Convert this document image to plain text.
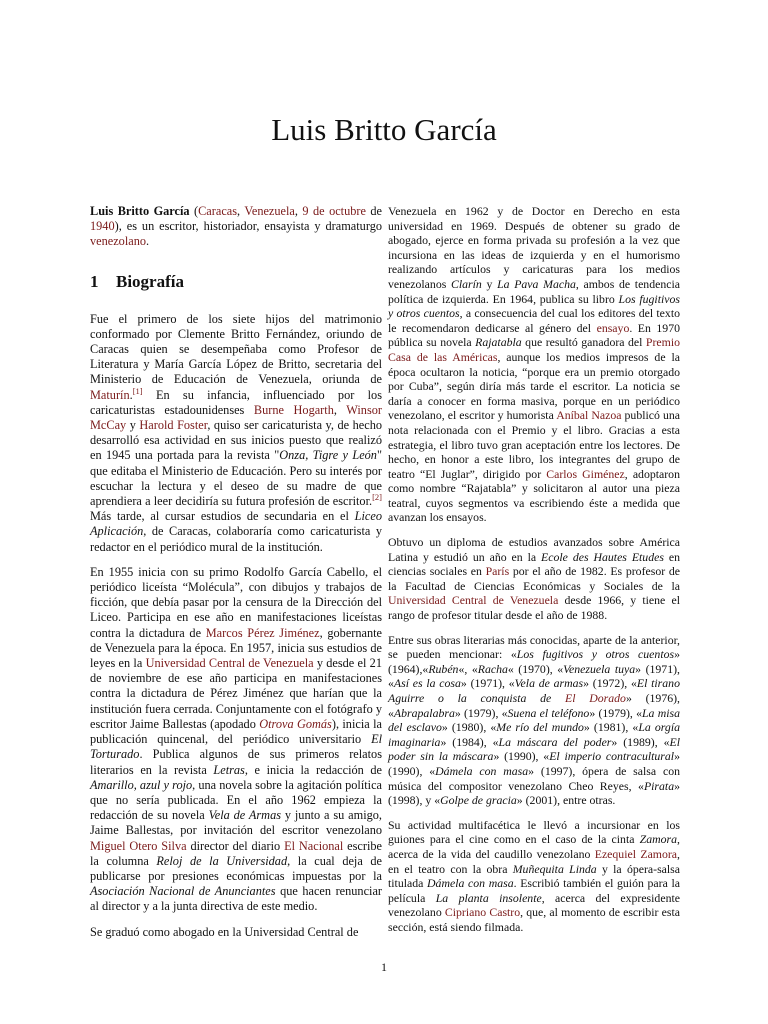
Luis Britto García

Luis Britto García (Caracas, Venezuela, 9 de octubre de 1940), es un escritor, historiador, ensayista y dramaturgo venezolano.

1 Biografía

Fue el primero de los siete hijos del matrimonio conformado por Clemente Britto Fernández, oriundo de Caracas quien se desempeñaba como Profesor de Literatura y María García López de Britto, secretaria del Ministerio de Educación de Venezuela, oriunda de Maturín.[1] En su infancia, influenciado por los caricaturistas estadounidenses Burne Hogarth, Winsor McCay y Harold Foster, quiso ser caricaturista y, de hecho desarrolló esa actividad en sus inicios puesto que realizó en 1945 una portada para la revista "Onza, Tigre y León" que editaba el Ministerio de Educación. Pero su interés por escuchar la lectura y el deseo de su madre de que aprendiera a leer decidiría su futura profesión de escritor.[2] Más tarde, al cursar estudios de secundaria en el Liceo Aplicación, de Caracas, colaboraría como caricaturista y redactor en el periódico mural de la institución.

En 1955 inicia con su primo Rodolfo García Cabello, el periódico liceísta “Molécula”, con dibujos y trabajos de ficción, que debía pasar por la censura de la Dirección del Liceo. Participa en ese año en manifestaciones liceístas contra la dictadura de Marcos Pérez Jiménez, gobernante de Venezuela para la época. En 1957, inicia sus estudios de leyes en la Universidad Central de Venezuela y desde el 21 de noviembre de ese año participa en manifestaciones contra la dictadura de Pérez Jiménez que harían que la institución fuera cerrada. Conjuntamente con el fotógrafo y escritor Jaime Ballestas (apodado Otrova Gomás), inicia la publicación quincenal, del periódico universitario El Torturado. Publica algunos de sus primeros relatos literarios en la revista Letras, e inicia la redacción de Amarillo, azul y rojo, una novela sobre la agitación política que no sería publicada. En el año 1962 empieza la redacción de su novela Vela de Armas y junto a su amigo, Jaime Ballestas, por invitación del escritor venezolano Miguel Otero Silva director del diario El Nacional escribe la columna Reloj de la Universidad, la cual deja de publicarse por presiones económicas impuestas por la Asociación Nacional de Anunciantes que hacen renunciar al director y a la junta directiva de este medio.

Se graduó como abogado en la Universidad Central de

Venezuela en 1962 y de Doctor en Derecho en esta universidad en 1969. Después de obtener su grado de abogado, ejerce en forma privada su profesión a la vez que incursiona en las ideas de izquierda y en el humorismo realizando artículos y caricaturas para los medios venezolanos Clarín y La Pava Macha, ambos de tendencia política de izquierda. En 1964, publica su libro Los fugitivos y otros cuentos, a consecuencia del cual los editores del texto le recomendaron dedicarse al género del ensayo. En 1970 pública su novela Rajatabla que resultó ganadora del Premio Casa de las Américas, aunque los medios impresos de la época ocultaron la noticia, “porque era un premio otorgado por Cuba”, según diría más tarde el escritor. La noticia se daría a conocer en forma masiva, porque en un periódico venezolano, el escritor y humorista Aníbal Nazoa publicó una nota relacionada con el Premio y el libro. Gracias a esta estrategia, el libro tuvo gran aceptación entre los lectores. De hecho, en honor a este libro, los integrantes del grupo de teatro “El Juglar”, dirigido por Carlos Giménez, adoptaron como nombre “Rajatabla” y solicitaron al autor una pieza teatral, cuyos segmentos va escribiendo éste a medida que avanzan los ensayos.

Obtuvo un diploma de estudios avanzados sobre América Latina y estudió un año en la Ecole des Hautes Etudes en ciencias sociales en París por el año de 1982. Es profesor de la Facultad de Ciencias Económicas y Sociales de la Universidad Central de Venezuela desde 1966, y tiene el rango de profesor titular desde el año de 1988.

Entre sus obras literarias más conocidas, aparte de la anterior, se pueden mencionar: «Los fugitivos y otros cuentos» (1964),«Rubén«, «Racha« (1970), «Venezuela tuya» (1971), «Así es la cosa» (1971), «Vela de armas» (1972), «El tirano Aguirre o la conquista de El Dorado» (1976), «Abrapalabra» (1979), «Suena el teléfono» (1979), «La misa del esclavo» (1980), «Me río del mundo» (1981), «La orgía imaginaria» (1984), «La máscara del poder» (1989), «El poder sin la máscara» (1990), «El imperio contracultural» (1990), «Dámela con masa» (1997), ópera de salsa con música del compositor venezolano Cheo Reyes, «Pirata» (1998), y «Golpe de gracia» (2001), entre otras.

Su actividad multifacética le llevó a incursionar en los guiones para el cine como en el caso de la cinta Zamora, acerca de la vida del caudillo venezolano Ezequiel Zamora, en el teatro con la obra Muñequita Linda y la ópera-salsa titulada Dámela con masa. Escribió también el guión para la película La planta insolente, acerca del expresidente venezolano Cipriano Castro, que, al momento de escribir esta sección, está siendo filmada.

1
